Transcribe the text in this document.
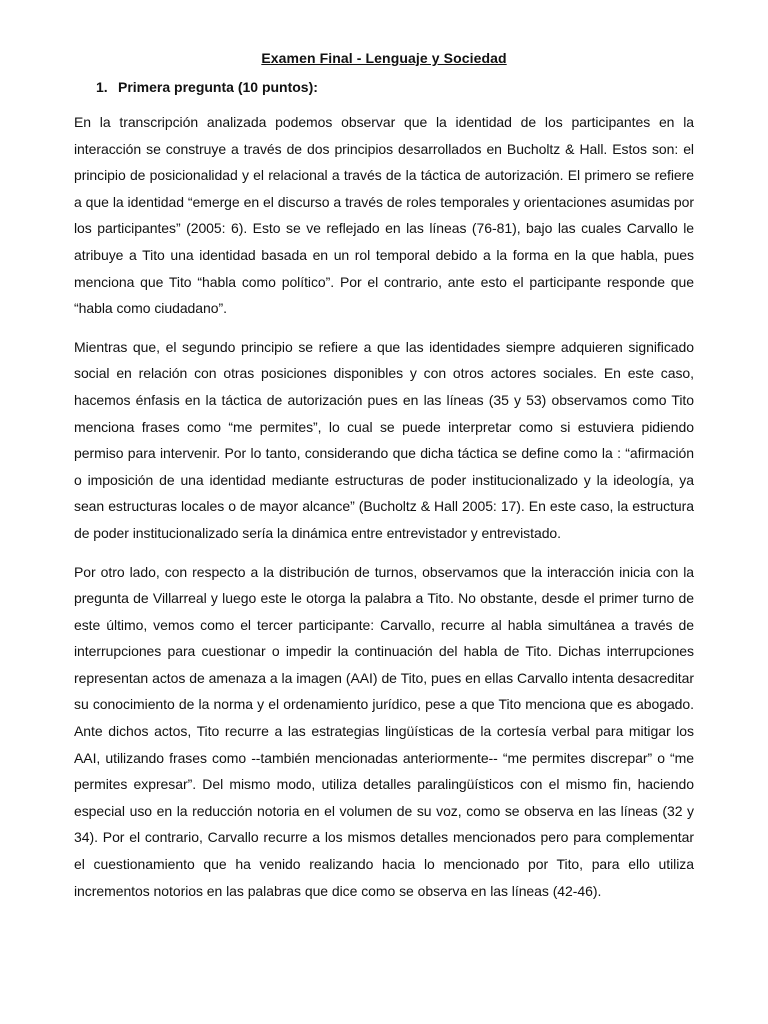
Examen Final - Lenguaje y Sociedad
1. Primera pregunta (10 puntos):

En la transcripción analizada podemos observar que la identidad de los participantes en la interacción se construye a través de dos principios desarrollados en Bucholtz & Hall. Estos son: el principio de posicionalidad y el relacional a través de la táctica de autorización. El primero se refiere a que la identidad “emerge en el discurso a través de roles temporales y orientaciones asumidas por los participantes” (2005: 6). Esto se ve reflejado en las líneas (76-81), bajo las cuales Carvallo le atribuye a Tito una identidad basada en un rol temporal debido a la forma en la que habla, pues menciona que Tito “habla como político”. Por el contrario, ante esto el participante responde que “habla como ciudadano”.

Mientras que, el segundo principio se refiere a que las identidades siempre adquieren significado social en relación con otras posiciones disponibles y con otros actores sociales. En este caso, hacemos énfasis en la táctica de autorización pues en las líneas (35 y 53) observamos como Tito menciona frases como “me permites”, lo cual se puede interpretar como si estuviera pidiendo permiso para intervenir. Por lo tanto, considerando que dicha táctica se define como la : “afirmación o imposición de una identidad mediante estructuras de poder institucionalizado y la ideología, ya sean estructuras locales o de mayor alcance” (Bucholtz & Hall 2005: 17). En este caso, la estructura de poder institucionalizado sería la dinámica entre entrevistador y entrevistado.

Por otro lado, con respecto a la distribución de turnos, observamos que la interacción inicia con la pregunta de Villarreal y luego este le otorga la palabra a Tito. No obstante, desde el primer turno de este último, vemos como el tercer participante: Carvallo, recurre al habla simultánea a través de interrupciones para cuestionar o impedir la continuación del habla de Tito. Dichas interrupciones representan actos de amenaza a la imagen (AAI) de Tito, pues en ellas Carvallo intenta desacreditar su conocimiento de la norma y el ordenamiento jurídico, pese a que Tito menciona que es abogado. Ante dichos actos, Tito recurre a las estrategias lingüísticas de la cortesía verbal para mitigar los AAI, utilizando frases como --también mencionadas anteriormente-- “me permites discrepar” o “me permites expresar”. Del mismo modo, utiliza detalles paralingüísticos con el mismo fin, haciendo especial uso en la reducción notoria en el volumen de su voz, como se observa en las líneas (32 y 34). Por el contrario, Carvallo recurre a los mismos detalles mencionados pero para complementar el cuestionamiento que ha venido realizando hacia lo mencionado por Tito, para ello utiliza incrementos notorios en las palabras que dice como se observa en las líneas (42-46).
